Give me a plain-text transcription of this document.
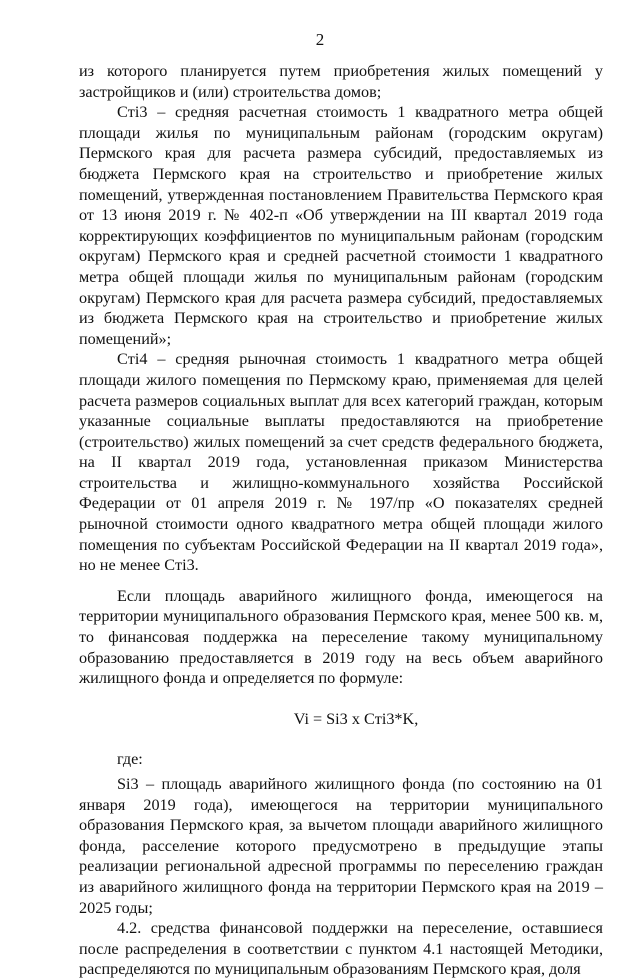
2

из которого планируется путем приобретения жилых помещений у застройщиков и (или) строительства домов;

Cтi3 – средняя расчетная стоимость 1 квадратного метра общей площади жилья по муниципальным районам (городским округам) Пермского края для расчета размера субсидий, предоставляемых из бюджета Пермского края на строительство и приобретение жилых помещений, утвержденная постановлением Правительства Пермского края от 13 июня 2019 г. № 402-п «Об утверждении на III квартал 2019 года корректирующих коэффициентов по муниципальным районам (городским округам) Пермского края и средней расчетной стоимости 1 квадратного метра общей площади жилья по муниципальным районам (городским округам) Пермского края для расчета размера субсидий, предоставляемых из бюджета Пермского края на строительство и приобретение жилых помещений»;

Cтi4 – средняя рыночная стоимость 1 квадратного метра общей площади жилого помещения по Пермскому краю, применяемая для целей расчета размеров социальных выплат для всех категорий граждан, которым указанные социальные выплаты предоставляются на приобретение (строительство) жилых помещений за счет средств федерального бюджета, на II квартал 2019 года, установленная приказом Министерства строительства и жилищно-коммунального хозяйства Российской Федерации от 01 апреля 2019 г. № 197/пр «О показателях средней рыночной стоимости одного квадратного метра общей площади жилого помещения по субъектам Российской Федерации на II квартал 2019 года», но не менее Cтi3.

Если площадь аварийного жилищного фонда, имеющегося на территории муниципального образования Пермского края, менее 500 кв. м, то финансовая поддержка на переселение такому муниципальному образованию предоставляется в 2019 году на весь объем аварийного жилищного фонда и определяется по формуле:

Vi = Si3 x Cтi3*K,

где:

Si3 – площадь аварийного жилищного фонда (по состоянию на 01 января 2019 года), имеющегося на территории муниципального образования Пермского края, за вычетом площади аварийного жилищного фонда, расселение которого предусмотрено в предыдущие этапы реализации региональной адресной программы по переселению граждан из аварийного жилищного фонда на территории Пермского края на 2019 – 2025 годы;

4.2. средства финансовой поддержки на переселение, оставшиеся после распределения в соответствии с пунктом 4.1 настоящей Методики, распределяются по муниципальным образованиям Пермского края, доля
